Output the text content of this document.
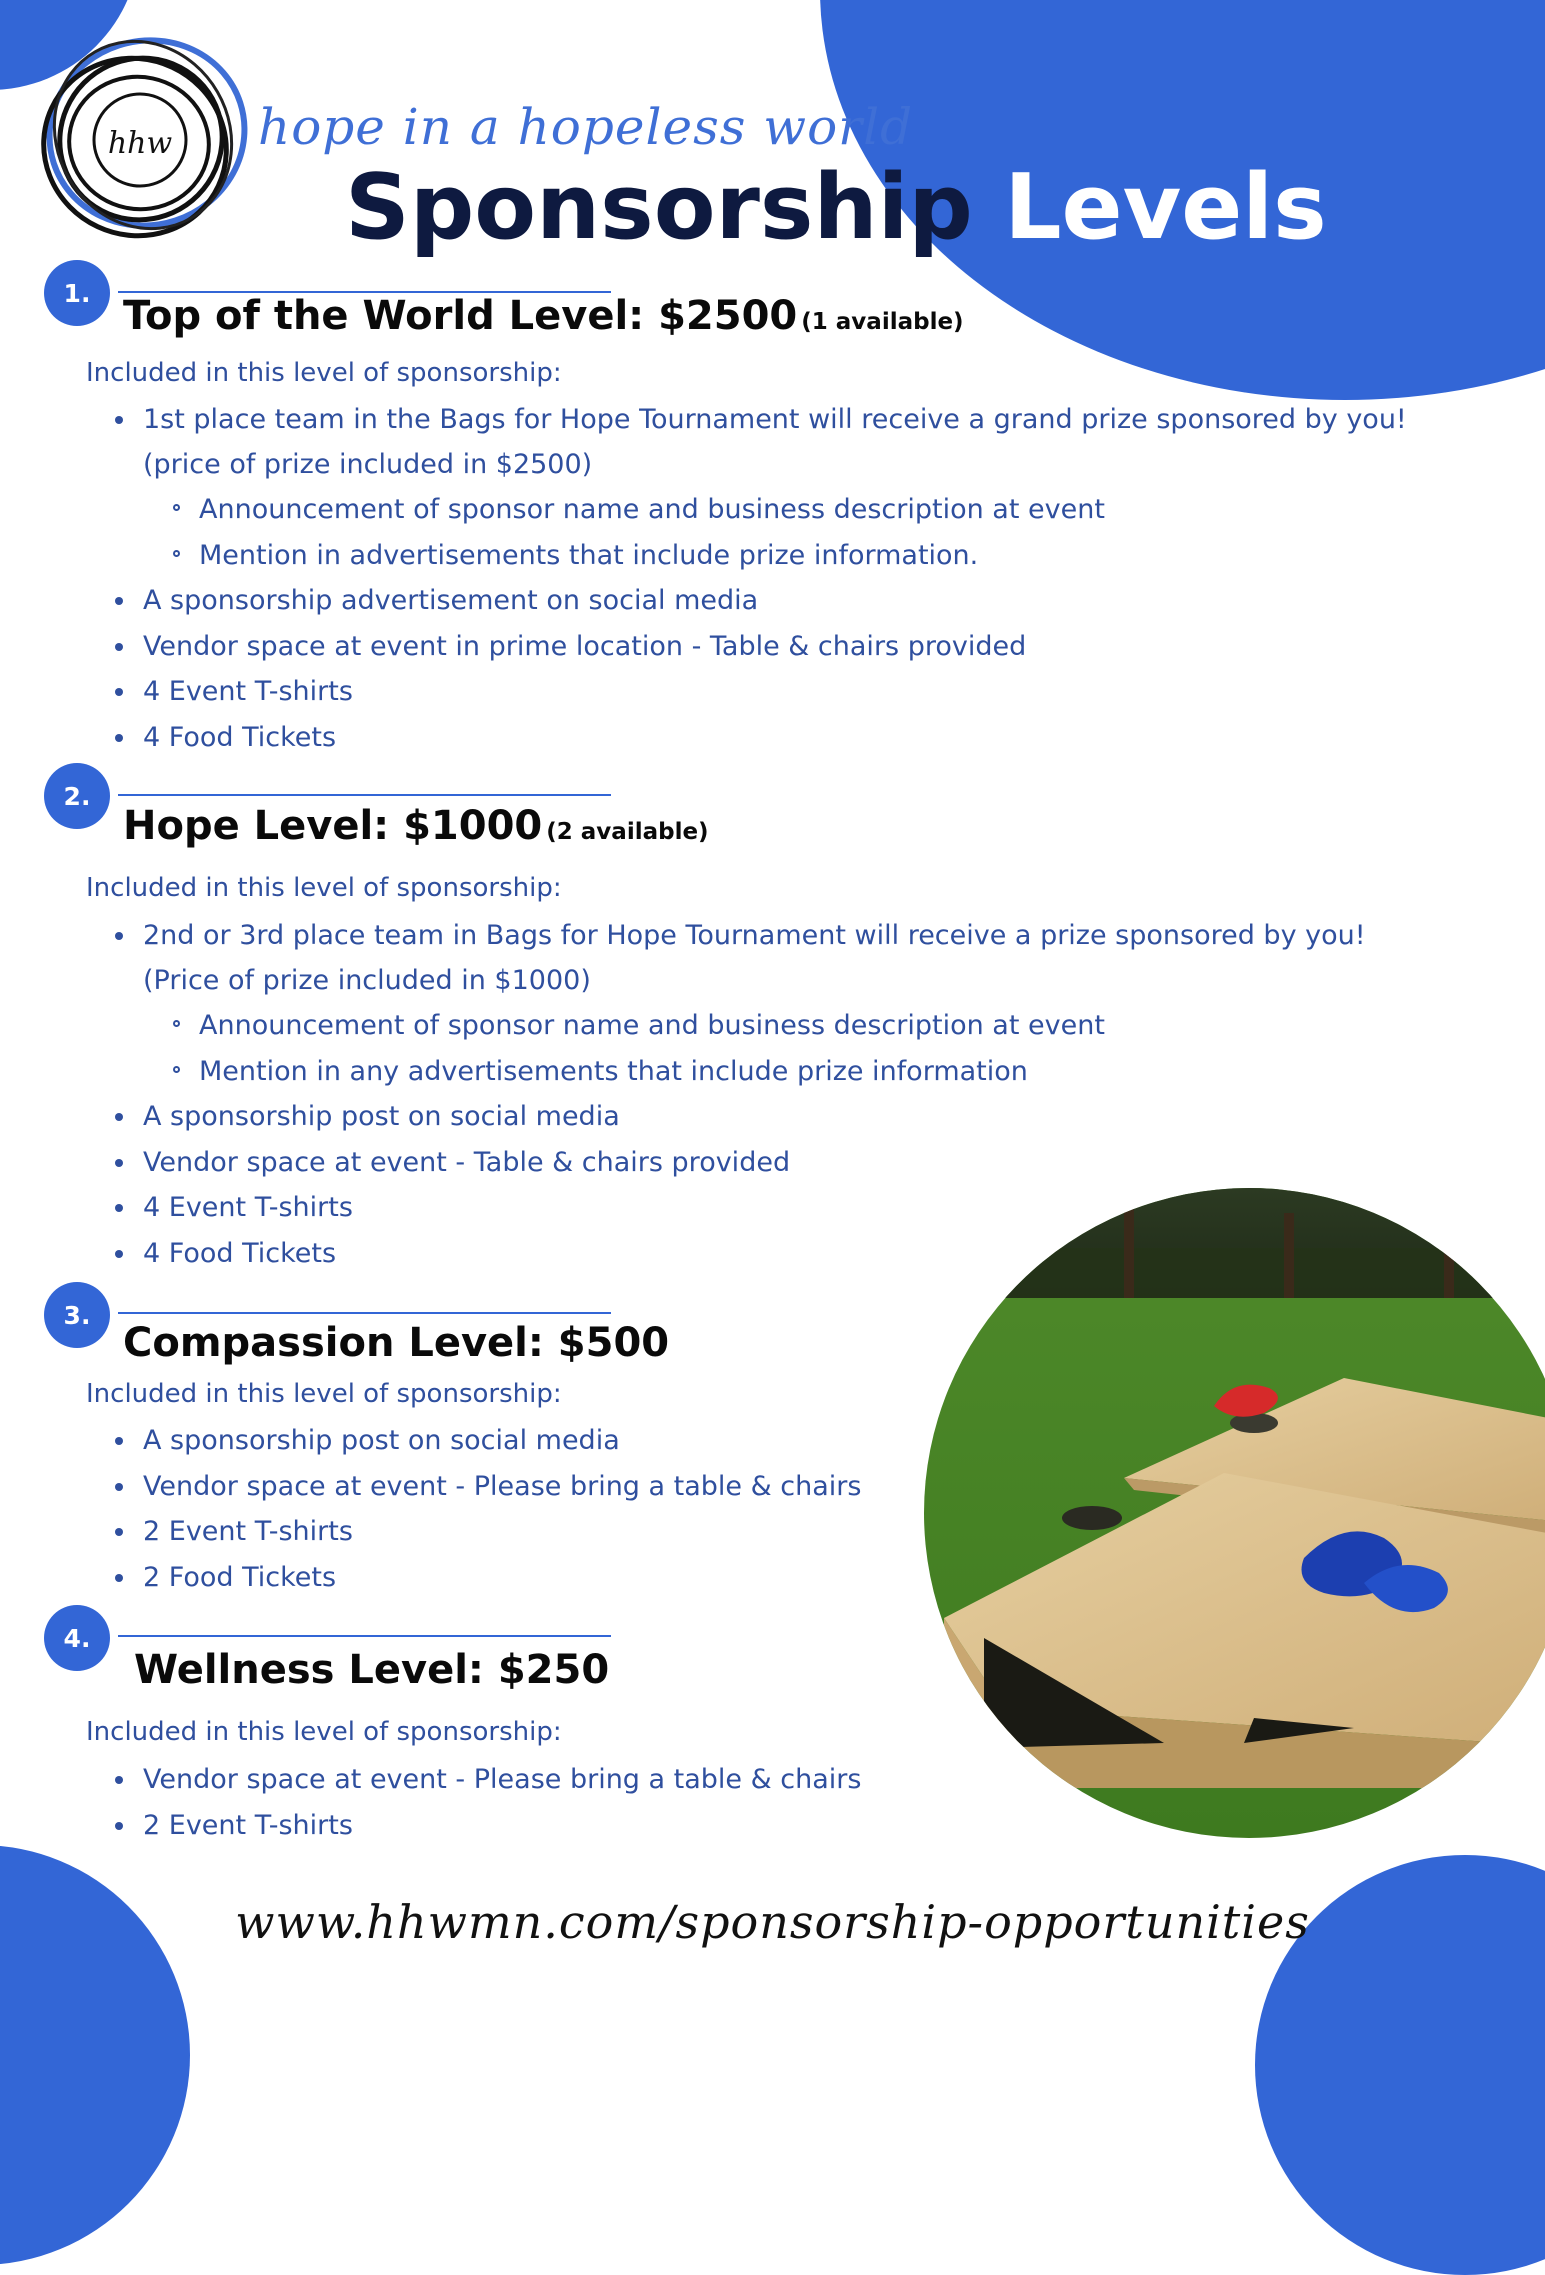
hhw hope in a hopeless world
Sponsorship Levels
1. Top of the World Level: $2500 (1 available)
Included in this level of sponsorship:
1st place team in the Bags for Hope Tournament will receive a grand prize sponsored by you!
(price of prize included in $2500)
Announcement of sponsor name and business description at event
Mention in advertisements that include prize information.
A sponsorship advertisement on social media
Vendor space at event in prime location - Table & chairs provided
4 Event T-shirts
4 Food Tickets
2.
Hope Level: $1000 (2 available)
Included in this level of sponsorship:
2nd or 3rd place team in Bags for Hope Tournament will receive a prize sponsored by you!
(Price of prize included in $1000)
Announcement of sponsor name and business description at event
Mention in any advertisements that include prize information
A sponsorship post on social media
Vendor space at event - Table & chairs provided
4 Event T-shirts
4 Food Tickets
3.
Compassion Level: $500
Included in this level of sponsorship:
A sponsorship post on social media
Vendor space at event - Please bring a table & chairs
2 Event T-shirts
2 Food Tickets
4.
Wellness Level: $250
Included in this level of sponsorship:
Vendor space at event - Please bring a table & chairs
2 Event T-shirts
www.hhwmn.com/sponsorship-opportunities
